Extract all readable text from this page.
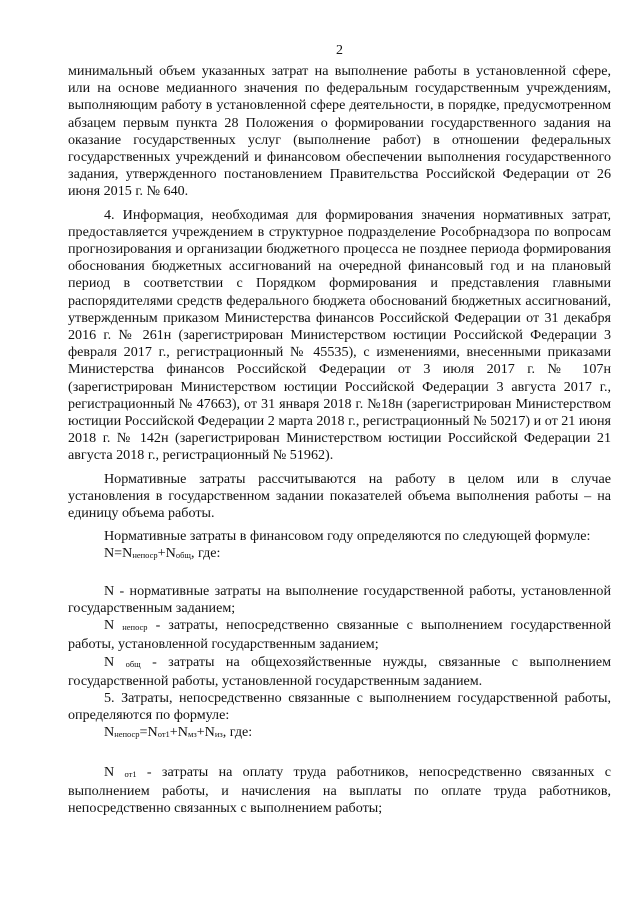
2

минимальный объем указанных затрат на выполнение работы в установленной сфере, или на основе медианного значения по федеральным государственным учреждениям, выполняющим работу в установленной сфере деятельности, в порядке, предусмотренном абзацем первым пункта 28 Положения о формировании государственного задания на оказание государственных услуг (выполнение работ) в отношении федеральных государственных учреждений и финансовом обеспечении выполнения государственного задания, утвержденного постановлением Правительства Российской Федерации от 26 июня 2015 г. № 640.

4. Информация, необходимая для формирования значения нормативных затрат, предоставляется учреждением в структурное подразделение Рособрнадзора по вопросам прогнозирования и организации бюджетного процесса не позднее периода формирования обоснования бюджетных ассигнований на очередной финансовый год и на плановый период в соответствии с Порядком формирования и представления главными распорядителями средств федерального бюджета обоснований бюджетных ассигнований, утвержденным приказом Министерства финансов Российской Федерации от 31 декабря 2016 г. № 261н (зарегистрирован Министерством юстиции Российской Федерации 3 февраля 2017 г., регистрационный № 45535), с изменениями, внесенными приказами Министерства финансов Российской Федерации от 3 июля 2017 г. № 107н (зарегистрирован Министерством юстиции Российской Федерации 3 августа 2017 г., регистрационный № 47663), от 31 января 2018 г. №18н (зарегистрирован Министерством юстиции Российской Федерации 2 марта 2018 г., регистрационный № 50217) и от 21 июня 2018 г. № 142н (зарегистрирован Министерством юстиции Российской Федерации 21 августа 2018 г., регистрационный № 51962).

Нормативные затраты рассчитываются на работу в целом или в случае установления в государственном задании показателей объема выполнения работы – на единицу объема работы.

Нормативные затраты в финансовом году определяются по следующей формуле:

N=Nнепоср+Nобщ, где:

N - нормативные затраты на выполнение государственной работы, установленной государственным заданием;

N непоср - затраты, непосредственно связанные с выполнением государственной работы, установленной государственным заданием;

N общ - затраты на общехозяйственные нужды, связанные с выполнением государственной работы, установленной государственным заданием.

5. Затраты, непосредственно связанные с выполнением государственной работы, определяются по формуле:

Nнепоср=Nот1+Nмз+Nиз, где:

N от1 - затраты на оплату труда работников, непосредственно связанных с выполнением работы, и начисления на выплаты по оплате труда работников, непосредственно связанных с выполнением работы;
